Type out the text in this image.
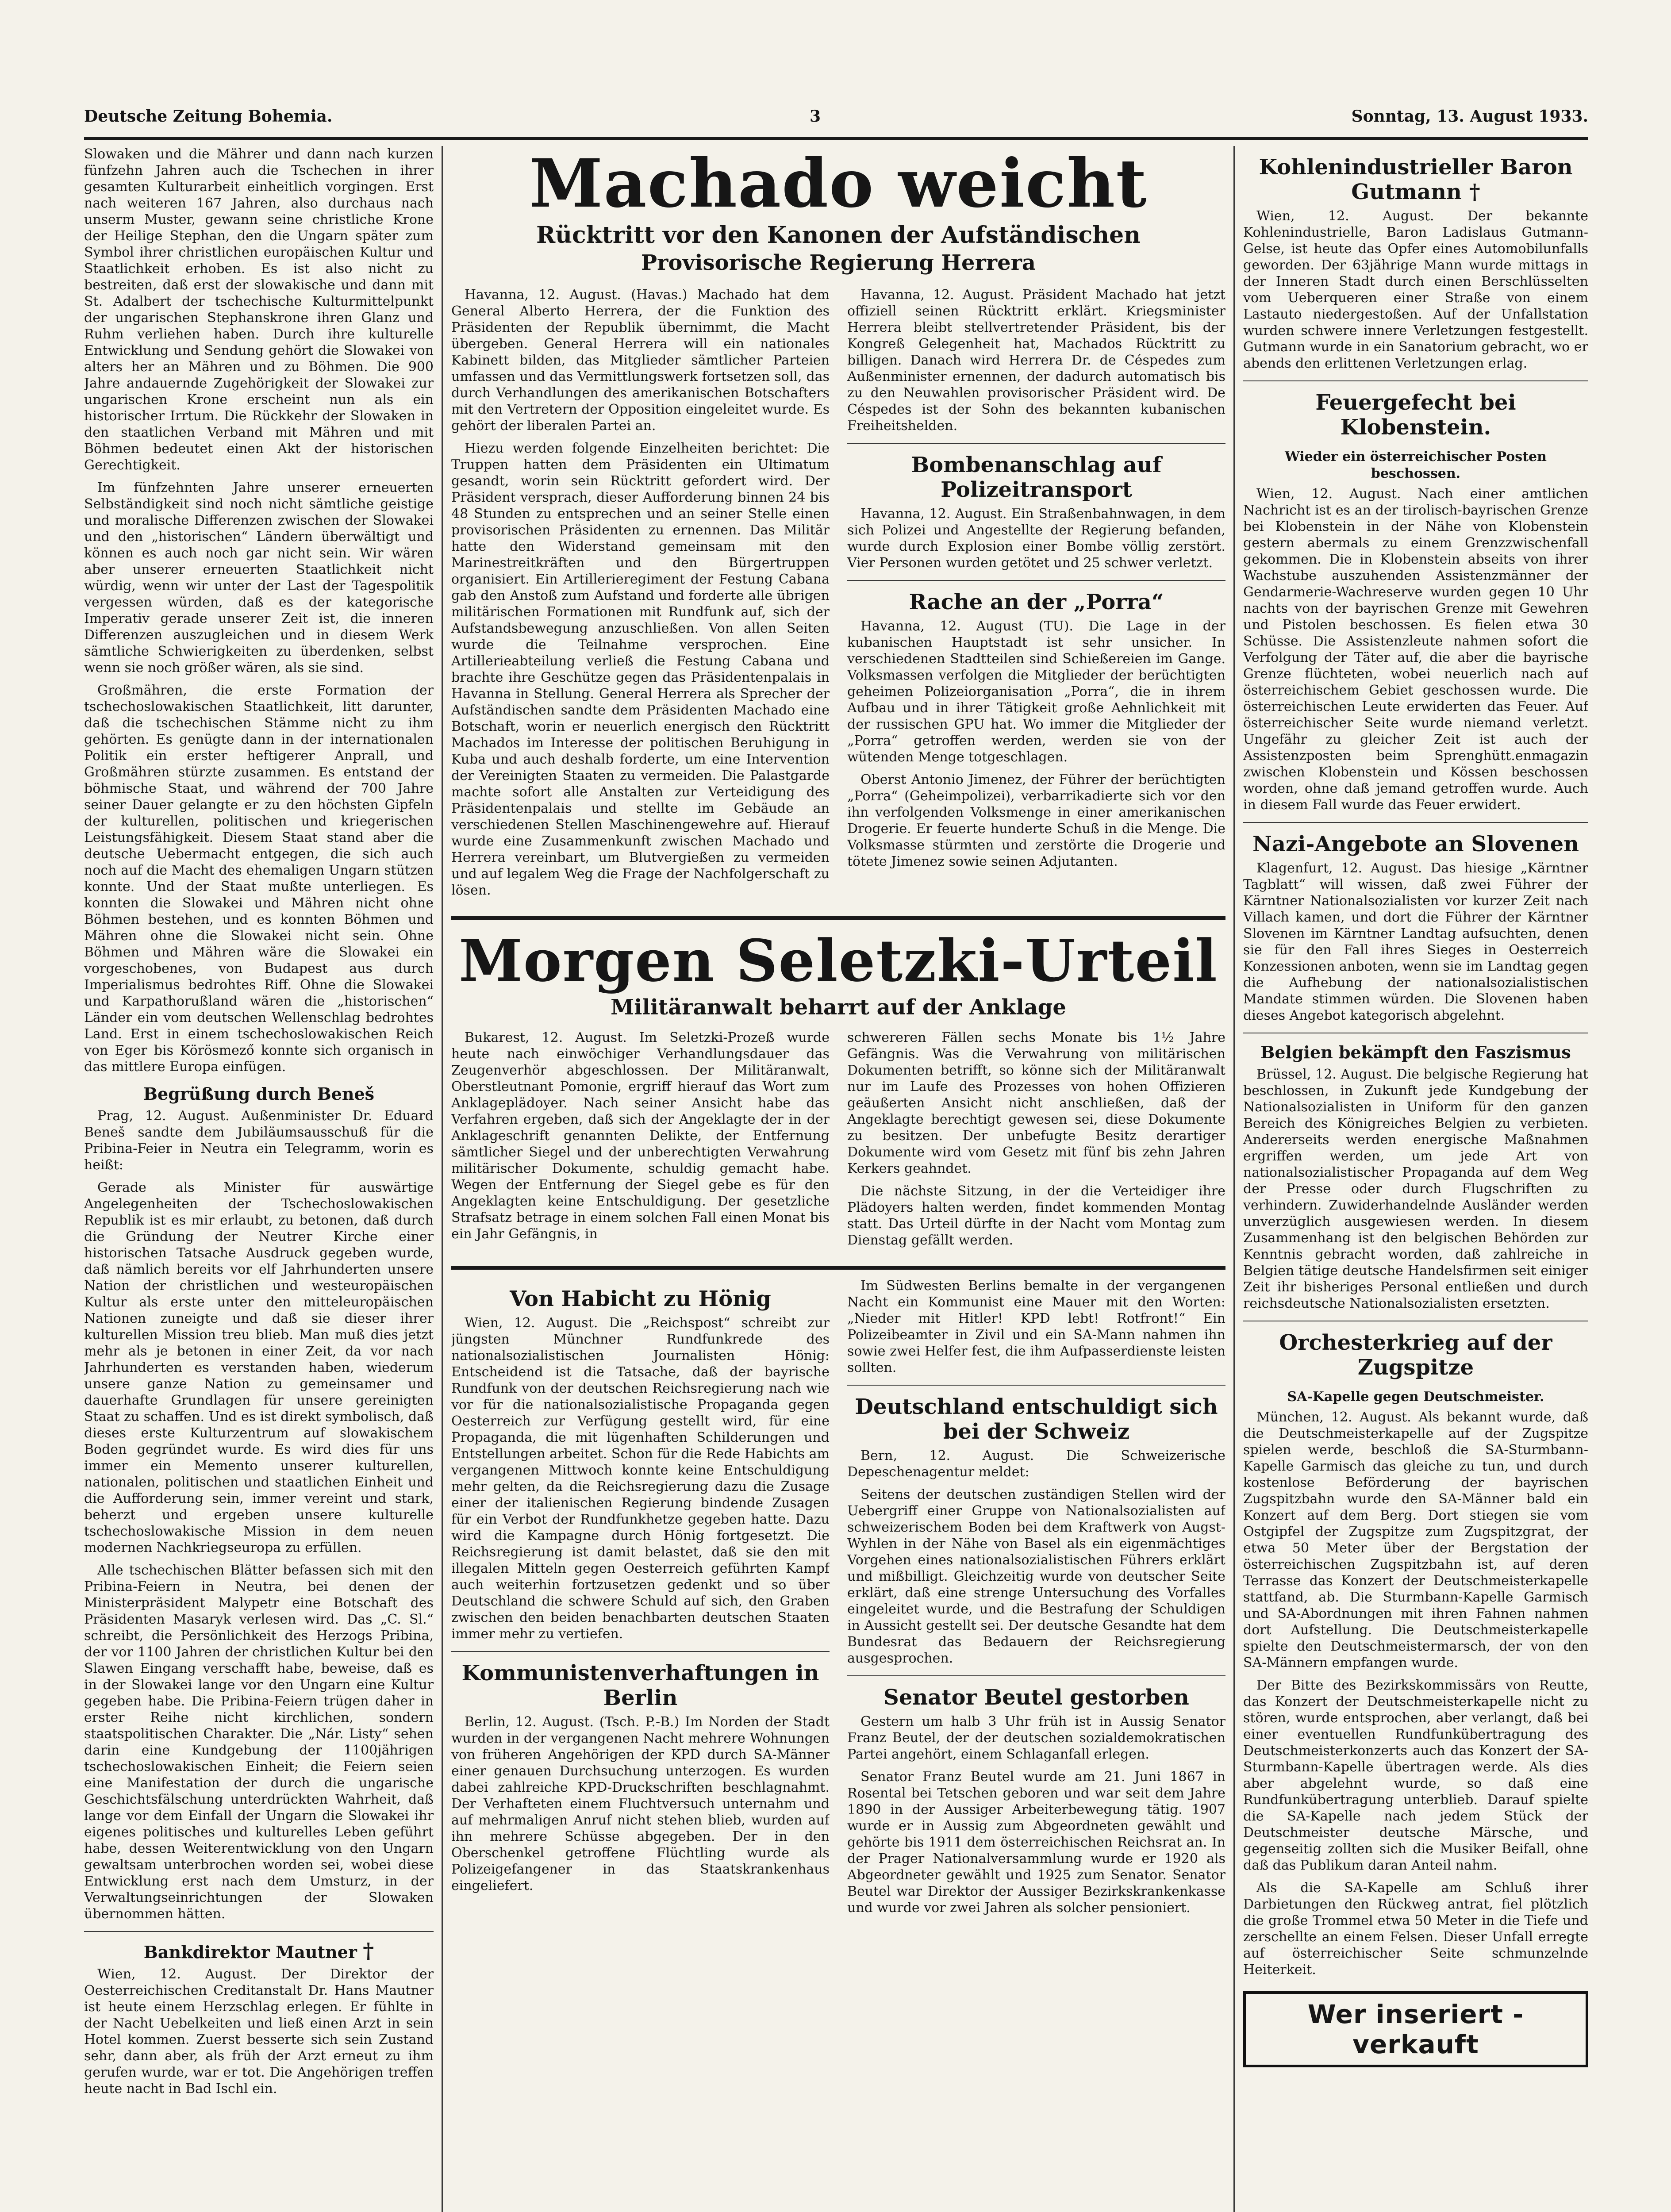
Deutsche Zeitung Bohemia.	3	Sonntag, 13. August 1933.

Slowaken und die Mährer und dann nach kurzen fünfzehn Jahren auch die Tschechen in ihrer gesamten Kulturarbeit einheitlich vorgingen. Erst nach weiteren 167 Jahren, also durchaus nach unserm Muster, gewann seine christliche Krone der Heilige Stephan, den die Ungarn später zum Symbol ihrer christlichen europäischen Kultur und Staatlichkeit erhoben. Es ist also nicht zu bestreiten, daß erst der slowakische und dann mit St. Adalbert der tschechische Kulturmittelpunkt der ungarischen Stephanskrone ihren Glanz und Ruhm verliehen haben. Durch ihre kulturelle Entwicklung und Sendung gehört die Slowakei von alters her an Mähren und zu Böhmen. Die 900 Jahre andauernde Zugehörigkeit der Slowakei zur ungarischen Krone erscheint nun als ein historischer Irrtum. Die Rückkehr der Slowaken in den staatlichen Verband mit Mähren und mit Böhmen bedeutet einen Akt der historischen Gerechtigkeit.

Im fünfzehnten Jahre unserer erneuerten Selbständigkeit sind noch nicht sämtliche geistige und moralische Differenzen zwischen der Slowakei und den „historischen“ Ländern überwältigt und können es auch noch gar nicht sein. Wir wären aber unserer erneuerten Staatlichkeit nicht würdig, wenn wir unter der Last der Tagespolitik vergessen würden, daß es der kategorische Imperativ gerade unserer Zeit ist, die inneren Differenzen auszugleichen und in diesem Werk sämtliche Schwierigkeiten zu überdenken, selbst wenn sie noch größer wären, als sie sind.

Großmähren, die erste Formation der tschechoslowakischen Staatlichkeit, litt darunter, daß die tschechischen Stämme nicht zu ihm gehörten. Es genügte dann in der internationalen Politik ein erster heftigerer Anprall, und Großmähren stürzte zusammen. Es entstand der böhmische Staat, und während der 700 Jahre seiner Dauer gelangte er zu den höchsten Gipfeln der kulturellen, politischen und kriegerischen Leistungsfähigkeit. Diesem Staat stand aber die deutsche Uebermacht entgegen, die sich auch noch auf die Macht des ehemaligen Ungarn stützen konnte. Und der Staat mußte unterliegen. Es konnten die Slowakei und Mähren nicht ohne Böhmen bestehen, und es konnten Böhmen und Mähren ohne die Slowakei nicht sein. Ohne Böhmen und Mähren wäre die Slowakei ein vorgeschobenes, von Budapest aus durch Imperialismus bedrohtes Riff. Ohne die Slowakei und Karpathorußland wären die „historischen“ Länder ein vom deutschen Wellenschlag bedrohtes Land. Erst in einem tschechoslowakischen Reich von Eger bis Körösmező konnte sich organisch in das mittlere Europa einfügen.

Begrüßung durch Beneš

Prag, 12. August. Außenminister Dr. Eduard Beneš sandte dem Jubiläumsausschuß für die Pribina-Feier in Neutra ein Telegramm, worin es heißt:

Gerade als Minister für auswärtige Angelegenheiten der Tschechoslowakischen Republik ist es mir erlaubt, zu betonen, daß durch die Gründung der Neutrer Kirche einer historischen Tatsache Ausdruck gegeben wurde, daß nämlich bereits vor elf Jahrhunderten unsere Nation der christlichen und westeuropäischen Kultur als erste unter den mitteleuropäischen Nationen zuneigte und daß sie dieser ihrer kulturellen Mission treu blieb. Man muß dies jetzt mehr als je betonen in einer Zeit, da vor nach Jahrhunderten es verstanden haben, wiederum unsere ganze Nation zu gemeinsamer und dauerhafte Grundlagen für unsere gereinigten Staat zu schaffen. Und es ist direkt symbolisch, daß dieses erste Kulturzentrum auf slowakischem Boden gegründet wurde. Es wird dies für uns immer ein Memento unserer kulturellen, nationalen, politischen und staatlichen Einheit und die Aufforderung sein, immer vereint und stark, beherzt und ergeben unsere kulturelle tschechoslowakische Mission in dem neuen modernen Nachkriegseuropa zu erfüllen.

Alle tschechischen Blätter befassen sich mit den Pribina-Feiern in Neutra, bei denen der Ministerpräsident Malypetr eine Botschaft des Präsidenten Masaryk verlesen wird. Das „C. Sl.“ schreibt, die Persönlichkeit des Herzogs Pribina, der vor 1100 Jahren der christlichen Kultur bei den Slawen Eingang verschafft habe, beweise, daß es in der Slowakei lange vor den Ungarn eine Kultur gegeben habe. Die Pribina-Feiern trügen daher in erster Reihe nicht kirchlichen, sondern staatspolitischen Charakter. Die „Nár. Listy“ sehen darin eine Kundgebung der 1100jährigen tschechoslowakischen Einheit; die Feiern seien eine Manifestation der durch die ungarische Geschichtsfälschung unterdrückten Wahrheit, daß lange vor dem Einfall der Ungarn die Slowakei ihr eigenes politisches und kulturelles Leben geführt habe, dessen Weiterentwicklung von den Ungarn gewaltsam unterbrochen worden sei, wobei diese Entwicklung erst nach dem Umsturz, in der Verwaltungseinrichtungen der Slowaken übernommen hätten.

Bankdirektor Mautner †

Wien, 12. August. Der Direktor der Oesterreichischen Creditanstalt Dr. Hans Mautner ist heute einem Herzschlag erlegen. Er fühlte in der Nacht Uebelkeiten und ließ einen Arzt in sein Hotel kommen. Zuerst besserte sich sein Zustand sehr, dann aber, als früh der Arzt erneut zu ihm gerufen wurde, war er tot. Die Angehörigen treffen heute nacht in Bad Ischl ein.

Machado weicht
Rücktritt vor den Kanonen der Aufständischen
Provisorische Regierung Herrera

Havanna, 12. August. (Havas.) Machado hat dem General Alberto Herrera, der die Funktion des Präsidenten der Republik übernimmt, die Macht übergeben. General Herrera will ein nationales Kabinett bilden, das Mitglieder sämtlicher Parteien umfassen und das Vermittlungswerk fortsetzen soll, das durch Verhandlungen des amerikanischen Botschafters mit den Vertretern der Opposition eingeleitet wurde. Es gehört der liberalen Partei an.

Hiezu werden folgende Einzelheiten berichtet: Die Truppen hatten dem Präsidenten ein Ultimatum gesandt, worin sein Rücktritt gefordert wird. Der Präsident versprach, dieser Aufforderung binnen 24 bis 48 Stunden zu entsprechen und an seiner Stelle einen provisorischen Präsidenten zu ernennen. Das Militär hatte den Widerstand gemeinsam mit den Marinestreitkräften und den Bürgertruppen organisiert. Ein Artillerieregiment der Festung Cabana gab den Anstoß zum Aufstand und forderte alle übrigen militärischen Formationen mit Rundfunk auf, sich der Aufstandsbewegung anzuschließen. Von allen Seiten wurde die Teilnahme versprochen. Eine Artillerieabteilung verließ die Festung Cabana und brachte ihre Geschütze gegen das Präsidentenpalais in Havanna in Stellung. General Herrera als Sprecher der Aufständischen sandte dem Präsidenten Machado eine Botschaft, worin er neuerlich energisch den Rücktritt Machados im Interesse der politischen Beruhigung in Kuba und auch deshalb forderte, um eine Intervention der Vereinigten Staaten zu vermeiden. Die Palastgarde machte sofort alle Anstalten zur Verteidigung des Präsidentenpalais und stellte im Gebäude an verschiedenen Stellen Maschinengewehre auf. Hierauf wurde eine Zusammenkunft zwischen Machado und Herrera vereinbart, um Blutvergießen zu vermeiden und auf legalem Weg die Frage der Nachfolgerschaft zu lösen.

Havanna, 12. August. Präsident Machado hat jetzt offiziell seinen Rücktritt erklärt. Kriegsminister Herrera bleibt stellvertretender Präsident, bis der Kongreß Gelegenheit hat, Machados Rücktritt zu billigen. Danach wird Herrera Dr. de Céspedes zum Außenminister ernennen, der dadurch automatisch bis zu den Neuwahlen provisorischer Präsident wird. De Céspedes ist der Sohn des bekannten kubanischen Freiheitshelden.

Bombenanschlag auf Polizeitransport

Havanna, 12. August. Ein Straßenbahnwagen, in dem sich Polizei und Angestellte der Regierung befanden, wurde durch Explosion einer Bombe völlig zerstört. Vier Personen wurden getötet und 25 schwer verletzt.

Rache an der „Porra“

Havanna, 12. August (TU). Die Lage in der kubanischen Hauptstadt ist sehr unsicher. In verschiedenen Stadtteilen sind Schießereien im Gange. Volksmassen verfolgen die Mitglieder der berüchtigten geheimen Polizeiorganisation „Porra“, die in ihrem Aufbau und in ihrer Tätigkeit große Aehnlichkeit mit der russischen GPU hat. Wo immer die Mitglieder der „Porra“ getroffen werden, werden sie von der wütenden Menge totgeschlagen.

Oberst Antonio Jimenez, der Führer der berüchtigten „Porra“ (Geheimpolizei), verbarrikadierte sich vor den ihn verfolgenden Volksmenge in einer amerikanischen Drogerie. Er feuerte hunderte Schuß in die Menge. Die Volksmasse stürmten und zerstörte die Drogerie und tötete Jimenez sowie seinen Adjutanten.

Morgen Seletzki-Urteil
Militäranwalt beharrt auf der Anklage

Bukarest, 12. August. Im Seletzki-Prozeß wurde heute nach einwöchiger Verhandlungsdauer das Zeugenverhör abgeschlossen. Der Militäranwalt, Oberstleutnant Pomonie, ergriff hierauf das Wort zum Anklageplädoyer. Nach seiner Ansicht habe das Verfahren ergeben, daß sich der Angeklagte der in der Anklageschrift genannten Delikte, der Entfernung sämtlicher Siegel und der unberechtigten Verwahrung militärischer Dokumente, schuldig gemacht habe. Wegen der Entfernung der Siegel gebe es für den Angeklagten keine Entschuldigung. Der gesetzliche Strafsatz betrage in einem solchen Fall einen Monat bis ein Jahr Gefängnis, in

schwereren Fällen sechs Monate bis 1½ Jahre Gefängnis. Was die Verwahrung von militärischen Dokumenten betrifft, so könne sich der Militäranwalt nur im Laufe des Prozesses von hohen Offizieren geäußerten Ansicht nicht anschließen, daß der Angeklagte berechtigt gewesen sei, diese Dokumente zu besitzen. Der unbefugte Besitz derartiger Dokumente wird vom Gesetz mit fünf bis zehn Jahren Kerkers geahndet.

Die nächste Sitzung, in der die Verteidiger ihre Plädoyers halten werden, findet kommenden Montag statt. Das Urteil dürfte in der Nacht vom Montag zum Dienstag gefällt werden.

Von Habicht zu Hönig

Wien, 12. August. Die „Reichspost“ schreibt zur jüngsten Münchner Rundfunkrede des nationalsozialistischen Journalisten Hönig: Entscheidend ist die Tatsache, daß der bayrische Rundfunk von der deutschen Reichsregierung nach wie vor für die nationalsozialistische Propaganda gegen Oesterreich zur Verfügung gestellt wird, für eine Propaganda, die mit lügenhaften Schilderungen und Entstellungen arbeitet. Schon für die Rede Habichts am vergangenen Mittwoch konnte keine Entschuldigung mehr gelten, da die Reichsregierung dazu die Zusage einer der italienischen Regierung bindende Zusagen für ein Verbot der Rundfunkhetze gegeben hatte. Dazu wird die Kampagne durch Hönig fortgesetzt. Die Reichsregierung ist damit belastet, daß sie den mit illegalen Mitteln gegen Oesterreich geführten Kampf auch weiterhin fortzusetzen gedenkt und so über Deutschland die schwere Schuld auf sich, den Graben zwischen den beiden benachbarten deutschen Staaten immer mehr zu vertiefen.

Kommunistenverhaftungen in Berlin

Berlin, 12. August. (Tsch. P.-B.) Im Norden der Stadt wurden in der vergangenen Nacht mehrere Wohnungen von früheren Angehörigen der KPD durch SA-Männer einer genauen Durchsuchung unterzogen. Es wurden dabei zahlreiche KPD-Druckschriften beschlagnahmt. Der Verhafteten einem Fluchtversuch unternahm und auf mehrmaligen Anruf nicht stehen blieb, wurden auf ihn mehrere Schüsse abgegeben. Der in den Oberschenkel getroffene Flüchtling wurde als Polizeigefangener in das Staatskrankenhaus eingeliefert.

Im Südwesten Berlins bemalte in der vergangenen Nacht ein Kommunist eine Mauer mit den Worten: „Nieder mit Hitler! KPD lebt! Rotfront!“ Ein Polizeibeamter in Zivil und ein SA-Mann nahmen ihn sowie zwei Helfer fest, die ihm Aufpasserdienste leisten sollten.

Deutschland entschuldigt sich bei der Schweiz

Bern, 12. August. Die Schweizerische Depeschenagentur meldet:

Seitens der deutschen zuständigen Stellen wird der Uebergriff einer Gruppe von Nationalsozialisten auf schweizerischem Boden bei dem Kraftwerk von Augst-Wyhlen in der Nähe von Basel als ein eigenmächtiges Vorgehen eines nationalsozialistischen Führers erklärt und mißbilligt. Gleichzeitig wurde von deutscher Seite erklärt, daß eine strenge Untersuchung des Vorfalles eingeleitet wurde, und die Bestrafung der Schuldigen in Aussicht gestellt sei. Der deutsche Gesandte hat dem Bundesrat das Bedauern der Reichsregierung ausgesprochen.

Senator Beutel gestorben

Gestern um halb 3 Uhr früh ist in Aussig Senator Franz Beutel, der der deutschen sozialdemokratischen Partei angehört, einem Schlaganfall erlegen.

Senator Franz Beutel wurde am 21. Juni 1867 in Rosental bei Tetschen geboren und war seit dem Jahre 1890 in der Aussiger Arbeiterbewegung tätig. 1907 wurde er in Aussig zum Abgeordneten gewählt und gehörte bis 1911 dem österreichischen Reichsrat an. In der Prager Nationalversammlung wurde er 1920 als Abgeordneter gewählt und 1925 zum Senator. Senator Beutel war Direktor der Aussiger Bezirkskrankenkasse und wurde vor zwei Jahren als solcher pensioniert.

Kohlenindustrieller Baron Gutmann †

Wien, 12. August. Der bekannte Kohlenindustrielle, Baron Ladislaus Gutmann-Gelse, ist heute das Opfer eines Automobilunfalls geworden. Der 63jährige Mann wurde mittags in der Inneren Stadt durch einen Berschlüsselten vom Ueberqueren einer Straße von einem Lastauto niedergestoßen. Auf der Unfallstation wurden schwere innere Verletzungen festgestellt. Gutmann wurde in ein Sanatorium gebracht, wo er abends den erlittenen Verletzungen erlag.

Feuergefecht bei Klobenstein.
Wieder ein österreichischer Posten beschossen.

Wien, 12. August. Nach einer amtlichen Nachricht ist es an der tirolisch-bayrischen Grenze bei Klobenstein in der Nähe von Klobenstein gestern abermals zu einem Grenzzwischenfall gekommen. Die in Klobenstein abseits von ihrer Wachstube auszuhenden Assistenzmänner der Gendarmerie-Wachreserve wurden gegen 10 Uhr nachts von der bayrischen Grenze mit Gewehren und Pistolen beschossen. Es fielen etwa 30 Schüsse. Die Assistenzleute nahmen sofort die Verfolgung der Täter auf, die aber die bayrische Grenze flüchteten, wobei neuerlich nach auf österreichischem Gebiet geschossen wurde. Die österreichischen Leute erwiderten das Feuer. Auf österreichischer Seite wurde niemand verletzt. Ungefähr zu gleicher Zeit ist auch der Assistenzposten beim Sprenghütt.enmagazin zwischen Klobenstein und Kössen beschossen worden, ohne daß jemand getroffen wurde. Auch in diesem Fall wurde das Feuer erwidert.

Nazi-Angebote an Slovenen

Klagenfurt, 12. August. Das hiesige „Kärntner Tagblatt“ will wissen, daß zwei Führer der Kärntner Nationalsozialisten vor kurzer Zeit nach Villach kamen, und dort die Führer der Kärntner Slovenen im Kärntner Landtag aufsuchten, denen sie für den Fall ihres Sieges in Oesterreich Konzessionen anboten, wenn sie im Landtag gegen die Aufhebung der nationalsozialistischen Mandate stimmen würden. Die Slovenen haben dieses Angebot kategorisch abgelehnt.

Belgien bekämpft den Faszismus

Brüssel, 12. August. Die belgische Regierung hat beschlossen, in Zukunft jede Kundgebung der Nationalsozialisten in Uniform für den ganzen Bereich des Königreiches Belgien zu verbieten. Andererseits werden energische Maßnahmen ergriffen werden, um jede Art von nationalsozialistischer Propaganda auf dem Weg der Presse oder durch Flugschriften zu verhindern. Zuwiderhandelnde Ausländer werden unverzüglich ausgewiesen werden. In diesem Zusammenhang ist den belgischen Behörden zur Kenntnis gebracht worden, daß zahlreiche in Belgien tätige deutsche Handelsfirmen seit einiger Zeit ihr bisheriges Personal entließen und durch reichsdeutsche Nationalsozialisten ersetzten.

Orchesterkrieg auf der Zugspitze
SA-Kapelle gegen Deutschmeister.

München, 12. August. Als bekannt wurde, daß die Deutschmeisterkapelle auf der Zugspitze spielen werde, beschloß die SA-Sturmbann-Kapelle Garmisch das gleiche zu tun, und durch kostenlose Beförderung der bayrischen Zugspitzbahn wurde den SA-Männer bald ein Konzert auf dem Berg. Dort stiegen sie vom Ostgipfel der Zugspitze zum Zugspitzgrat, der etwa 50 Meter über der Bergstation der österreichischen Zugspitzbahn ist, auf deren Terrasse das Konzert der Deutschmeisterkapelle stattfand, ab. Die Sturmbann-Kapelle Garmisch und SA-Abordnungen mit ihren Fahnen nahmen dort Aufstellung. Die Deutschmeisterkapelle spielte den Deutschmeistermarsch, der von den SA-Männern empfangen wurde.

Der Bitte des Bezirkskommissärs von Reutte, das Konzert der Deutschmeisterkapelle nicht zu stören, wurde entsprochen, aber verlangt, daß bei einer eventuellen Rundfunkübertragung des Deutschmeisterkonzerts auch das Konzert der SA-Sturmbann-Kapelle übertragen werde. Als dies aber abgelehnt wurde, so daß eine Rundfunkübertragung unterblieb. Darauf spielte die SA-Kapelle nach jedem Stück der Deutschmeister deutsche Märsche, und gegenseitig zollten sich die Musiker Beifall, ohne daß das Publikum daran Anteil nahm.

Als die SA-Kapelle am Schluß ihrer Darbietungen den Rückweg antrat, fiel plötzlich die große Trommel etwa 50 Meter in die Tiefe und zerschellte an einem Felsen. Dieser Unfall erregte auf österreichischer Seite schmunzelnde Heiterkeit.

Wer inseriert - verkauft
